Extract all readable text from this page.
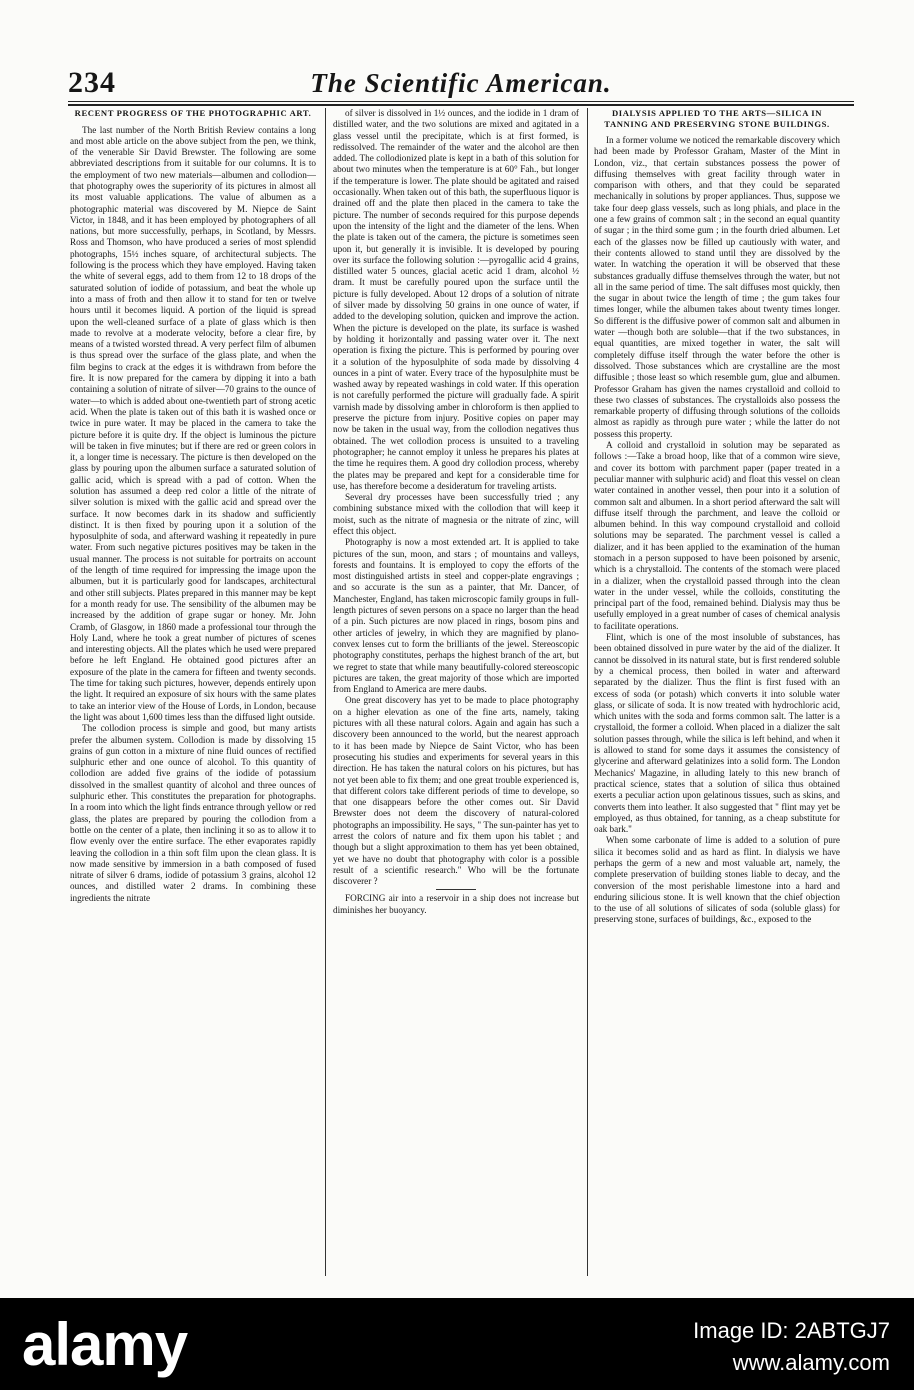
234	The Scientific American.
RECENT PROGRESS OF THE PHOTOGRAPHIC ART.

The last number of the North British Review contains a long and most able article on the above subject from the pen, we think, of the venerable Sir David Brewster. The following are some abbreviated descriptions from it suitable for our columns. It is to the employment of two new materials—albumen and collodion—that photography owes the superiority of its pictures in almost all its most valuable applications. The value of albumen as a photographic material was discovered by M. Niepce de Saint Victor, in 1848, and it has been employed by photographers of all nations, but more successfully, perhaps, in Scotland, by Messrs. Ross and Thomson, who have produced a series of most splendid photographs, 15½ inches square, of architectural subjects. The following is the process which they have employed. Having taken the white of several eggs, add to them from 12 to 18 drops of the saturated solution of iodide of potassium, and beat the whole up into a mass of froth and then allow it to stand for ten or twelve hours until it becomes liquid. A portion of the liquid is spread upon the well-cleaned surface of a plate of glass which is then made to revolve at a moderate velocity, before a clear fire, by means of a twisted worsted thread. A very perfect film of albumen is thus spread over the surface of the glass plate, and when the film begins to crack at the edges it is withdrawn from before the fire. It is now prepared for the camera by dipping it into a bath containing a solution of nitrate of silver—70 grains to the ounce of water—to which is added about one-twentieth part of strong acetic acid. When the plate is taken out of this bath it is washed once or twice in pure water. It may be placed in the camera to take the picture before it is quite dry. If the object is luminous the picture will be taken in five minutes; but if there are red or green colors in it, a longer time is necessary. The picture is then developed on the glass by pouring upon the albumen surface a saturated solution of gallic acid, which is spread with a pad of cotton. When the solution has assumed a deep red color a little of the nitrate of silver solution is mixed with the gallic acid and spread over the surface. It now becomes dark in its shadow and sufficiently distinct. It is then fixed by pouring upon it a solution of the hyposulphite of soda, and afterward washing it repeatedly in pure water. From such negative pictures positives may be taken in the usual manner. The process is not suitable for portraits on account of the length of time required for impressing the image upon the albumen, but it is particularly good for landscapes, architectural and other still subjects. Plates prepared in this manner may be kept for a month ready for use. The sensibility of the albumen may be increased by the addition of grape sugar or honey. Mr. John Cramb, of Glasgow, in 1860 made a professional tour through the Holy Land, where he took a great number of pictures of scenes and interesting objects. All the plates which he used were prepared before he left England. He obtained good pictures after an exposure of the plate in the camera for fifteen and twenty seconds. The time for taking such pictures, however, depends entirely upon the light. It required an exposure of six hours with the same plates to take an interior view of the House of Lords, in London, because the light was about 1,600 times less than the diffused light outside.

The collodion process is simple and good, but many artists prefer the albumen system. Collodion is made by dissolving 15 grains of gun cotton in a mixture of nine fluid ounces of rectified sulphuric ether and one ounce of alcohol. To this quantity of collodion are added five grains of the iodide of potassium dissolved in the smallest quantity of alcohol and three ounces of sulphuric ether. This constitutes the preparation for photographs. In a room into which the light finds entrance through yellow or red glass, the plates are prepared by pouring the collodion from a bottle on the center of a plate, then inclining it so as to allow it to flow evenly over the entire surface. The ether evaporates rapidly leaving the collodion in a thin soft film upon the clean glass. It is now made sensitive by immersion in a bath composed of fused nitrate of silver 6 drams, iodide of potassium 3 grains, alcohol 12 ounces, and distilled water 2 drams. In combining these ingredients the nitrate

of silver is dissolved in 1½ ounces, and the iodide in 1 dram of distilled water, and the two solutions are mixed and agitated in a glass vessel until the precipitate, which is at first formed, is redissolved. The remainder of the water and the alcohol are then added. The collodionized plate is kept in a bath of this solution for about two minutes when the temperature is at 60° Fah., but longer if the temperature is lower. The plate should be agitated and raised occasionally. When taken out of this bath, the superfluous liquor is drained off and the plate then placed in the camera to take the picture. The number of seconds required for this purpose depends upon the intensity of the light and the diameter of the lens. When the plate is taken out of the camera, the picture is sometimes seen upon it, but generally it is invisible. It is developed by pouring over its surface the following solution :—pyrogallic acid 4 grains, distilled water 5 ounces, glacial acetic acid 1 dram, alcohol ½ dram. It must be carefully poured upon the surface until the picture is fully developed. About 12 drops of a solution of nitrate of silver made by dissolving 50 grains in one ounce of water, if added to the developing solution, quicken and improve the action. When the picture is developed on the plate, its surface is washed by holding it horizontally and passing water over it. The next operation is fixing the picture. This is performed by pouring over it a solution of the hyposulphite of soda made by dissolving 4 ounces in a pint of water. Every trace of the hyposulphite must be washed away by repeated washings in cold water. If this operation is not carefully performed the picture will gradually fade. A spirit varnish made by dissolving amber in chloroform is then applied to preserve the picture from injury. Positive copies on paper may now be taken in the usual way, from the collodion negatives thus obtained. The wet collodion process is unsuited to a traveling photographer; he cannot employ it unless he prepares his plates at the time he requires them. A good dry collodion process, whereby the plates may be prepared and kept for a considerable time for use, has therefore become a desideratum for traveling artists.

Several dry processes have been successfully tried ; any combining substance mixed with the collodion that will keep it moist, such as the nitrate of magnesia or the nitrate of zinc, will effect this object.

Photography is now a most extended art. It is applied to take pictures of the sun, moon, and stars ; of mountains and valleys, forests and fountains. It is employed to copy the efforts of the most distinguished artists in steel and copper-plate engravings ; and so accurate is the sun as a painter, that Mr. Dancer, of Manchester, England, has taken microscopic family groups in full-length pictures of seven persons on a space no larger than the head of a pin. Such pictures are now placed in rings, bosom pins and other articles of jewelry, in which they are magnified by plano-convex lenses cut to form the brilliants of the jewel. Stereoscopic photography constitutes, perhaps the highest branch of the art, but we regret to state that while many beautifully-colored stereoscopic pictures are taken, the great majority of those which are imported from England to America are mere daubs.

One great discovery has yet to be made to place photography on a higher elevation as one of the fine arts, namely, taking pictures with all these natural colors. Again and again has such a discovery been announced to the world, but the nearest approach to it has been made by Niepce de Saint Victor, who has been prosecuting his studies and experiments for several years in this direction. He has taken the natural colors on his pictures, but has not yet been able to fix them; and one great trouble experienced is, that different colors take different periods of time to develope, so that one disappears before the other comes out. Sir David Brewster does not deem the discovery of natural-colored photographs an impossibility. He says, " The sun-painter has yet to arrest the colors of nature and fix them upon his tablet ; and though but a slight approximation to them has yet been obtained, yet we have no doubt that photography with color is a possible result of a scientific research." Who will be the fortunate discoverer ?

FORCING air into a reservoir in a ship does not increase but diminishes her buoyancy.

DIALYSIS APPLIED TO THE ARTS—SILICA IN TANNING AND PRESERVING STONE BUILDINGS.

In a former volume we noticed the remarkable discovery which had been made by Professor Graham, Master of the Mint in London, viz., that certain substances possess the power of diffusing themselves with great facility through water in comparison with others, and that they could be separated mechanically in solutions by proper appliances. Thus, suppose we take four deep glass vessels, such as long phials, and place in the one a few grains of common salt ; in the second an equal quantity of sugar ; in the third some gum ; in the fourth dried albumen. Let each of the glasses now be filled up cautiously with water, and their contents allowed to stand until they are dissolved by the water. In watching the operation it will be observed that these substances gradually diffuse themselves through the water, but not all in the same period of time. The salt diffuses most quickly, then the sugar in about twice the length of time ; the gum takes four times longer, while the albumen takes about twenty times longer. So different is the diffusive power of common salt and albumen in water —though both are soluble—that if the two substances, in equal quantities, are mixed together in water, the salt will completely diffuse itself through the water before the other is dissolved. Those substances which are crystalline are the most diffusible ; those least so which resemble gum, glue and albumen. Professor Graham has given the names crystalloid and colloid to these two classes of substances. The crystalloids also possess the remarkable property of diffusing through solutions of the colloids almost as rapidly as through pure water ; while the latter do not possess this property.

A colloid and crystalloid in solution may be separated as follows :—Take a broad hoop, like that of a common wire sieve, and cover its bottom with parchment paper (paper treated in a peculiar manner with sulphuric acid) and float this vessel on clean water contained in another vessel, then pour into it a solution of common salt and albumen. In a short period afterward the salt will diffuse itself through the parchment, and leave the colloid or albumen behind. In this way compound crystalloid and colloid solutions may be separated. The parchment vessel is called a dializer, and it has been applied to the examination of the human stomach in a person supposed to have been poisoned by arsenic, which is a chrystalloid. The contents of the stomach were placed in a dializer, when the crystalloid passed through into the clean water in the under vessel, while the colloids, constituting the principal part of the food, remained behind. Dialysis may thus be usefully employed in a great number of cases of chemical analysis to facilitate operations.

Flint, which is one of the most insoluble of substances, has been obtained dissolved in pure water by the aid of the dializer. It cannot be dissolved in its natural state, but is first rendered soluble by a chemical process, then boiled in water and afterward separated by the dializer. Thus the flint is first fused with an excess of soda (or potash) which converts it into soluble water glass, or silicate of soda. It is now treated with hydrochloric acid, which unites with the soda and forms common salt. The latter is a crystalloid, the former a colloid. When placed in a dializer the salt solution passes through, while the silica is left behind, and when it is allowed to stand for some days it assumes the consistency of glycerine and afterward gelatinizes into a solid form. The London Mechanics' Magazine, in alluding lately to this new branch of practical science, states that a solution of silica thus obtained exerts a peculiar action upon gelatinous tissues, such as skins, and converts them into leather. It also suggested that " flint may yet be employed, as thus obtained, for tanning, as a cheap substitute for oak bark."

When some carbonate of lime is added to a solution of pure silica it becomes solid and as hard as flint. In dialysis we have perhaps the germ of a new and most valuable art, namely, the complete preservation of building stones liable to decay, and the conversion of the most perishable limestone into a hard and enduring silicious stone. It is well known that the chief objection to the use of all solutions of silicates of soda (soluble glass) for preserving stone, surfaces of buildings, &c., exposed to the

alamy	Image ID: 2ABTGJ7
www.alamy.com
